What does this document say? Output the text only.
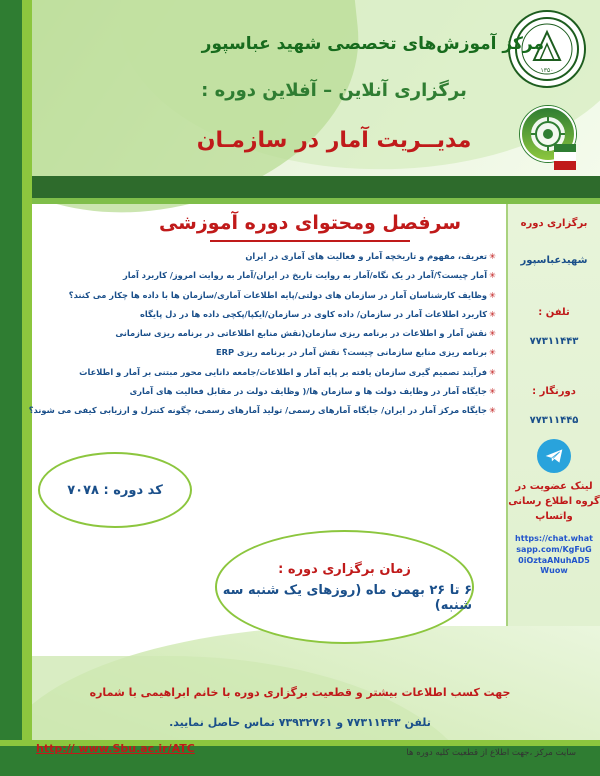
۱۳۵۰
مرکز آموزش‌های تخصصی شهید عباسپور
برگزاری آنلاین – آفلاین دوره :
مدیــریت آمار در سازمـان
سرفصل ومحتوای دوره آموزشی
✳تعریف، مفهوم و تاریخچه آمار و فعالیت های آماری در ایران
✳آمار چیست؟/آمار در یک نگاه/آمار به روایت تاریخ در ایران/آمار به روایت امروز/ کاربرد آمار
✳وظایف کارشناسان آمار در سازمان های دولتی/پایه اطلاعات آماری/سازمان ها با داده ها چکار می کنند؟
✳کاربرد اطلاعات آمار در سازمان/ داده کاوی در سازمان/ایکپا/پکچی داده ها در دل پایگاه
✳نقش آمار و اطلاعات در برنامه ریزی سازمان(نقش منابع اطلاعاتی در برنامه ریزی سازمانی
✳برنامه ریزی منابع سازمانی چیست؟ نقش آمار در برنامه ریزی ERP
✳فرآیند تصمیم گیری سازمان یافته بر پایه آمار و اطلاعات/جامعه دانایی محور مبتنی بر آمار و اطلاعات
✳جایگاه آمار در وظایف دولت ها و سازمان ها/( وظایف دولت در مقابل فعالیت های آماری
✳جایگاه مرکز آمار در ایران/ جایگاه آمارهای رسمی/ تولید آمارهای رسمی، چگونه کنترل و ارزیابی کیفی می شوند؟
کد دوره : ۷۰۷۸
زمان برگزاری دوره :
۶ تا ۲۶ بهمن ماه (روزهای یک شنبه سه شنبه)
برگزاری دوره
شهیدعباسپور
تلفن :
۷۷۳۱۱۴۴۳
دورنگار :
۷۷۳۱۱۴۴۵
لینک عضویت در گروه اطلاع رسانی واتساپ
https://chat.whatsapp.com/KgFuG0iOztaANuhAD5Wuow
جهت کسب اطلاعات بیشتر و قطعیت برگزاری دوره با خانم ابراهیمی با شماره
تلفن ۷۷۳۱۱۴۴۳ و ۷۳۹۳۲۷۶۱ تماس حاصل نمایید.
سایت مرکز ،جهت اطلاع از قطعیت کلیه دوره ها
http:// www.Sbu.ac.ir/ATC
